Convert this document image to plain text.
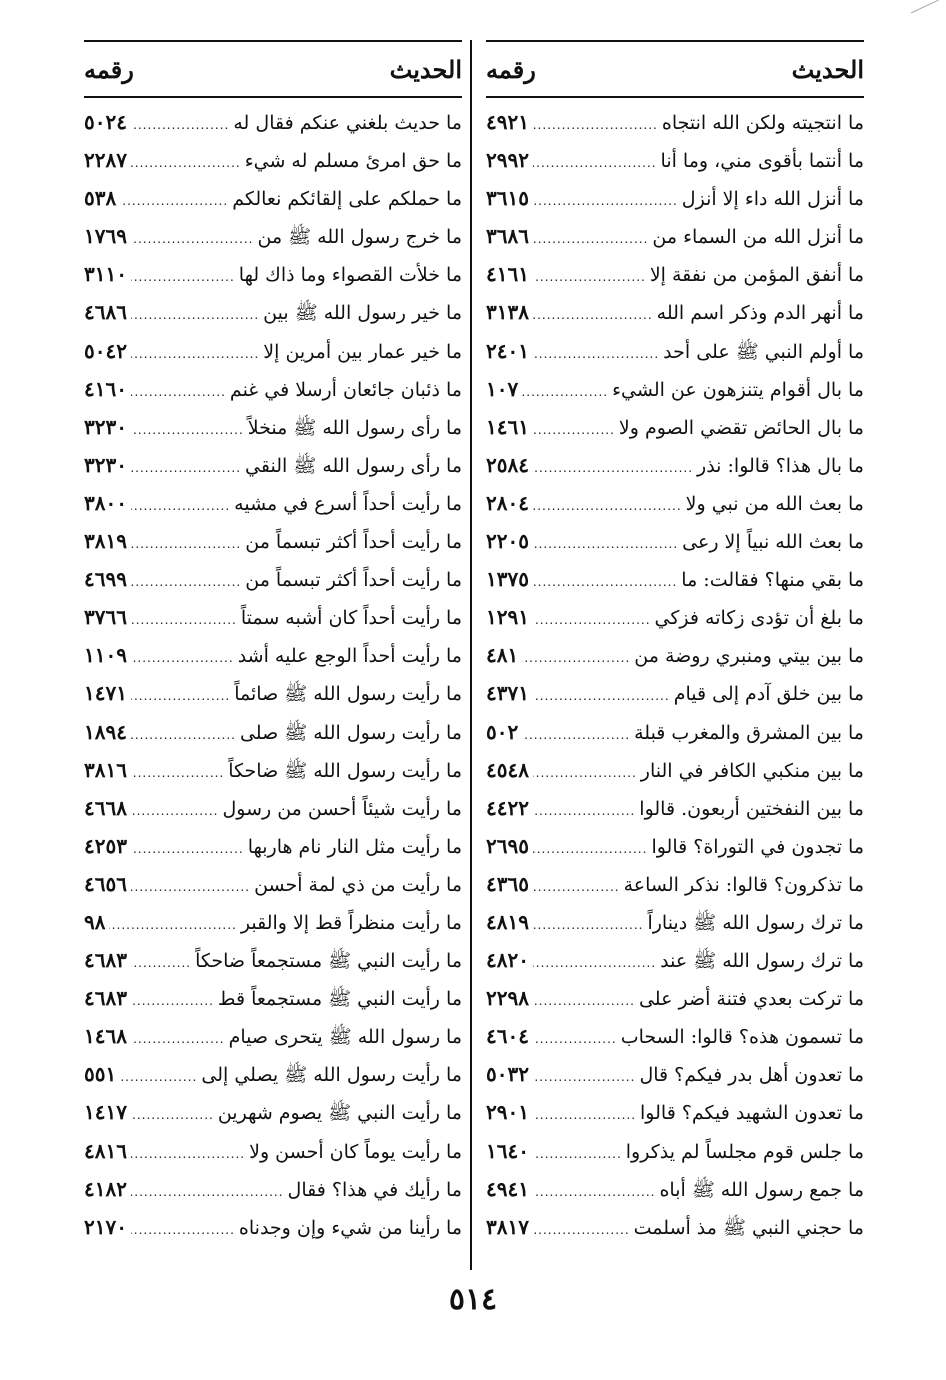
الحديث
رقمه
ما انتجيته ولكن الله انتجاه
.....
٤٩٢١
ما أنتما بأقوى مني، وما أنا
.....
٢٩٩٢
ما أنزل الله داء إلا أنزل
.....
٣٦١٥
ما أنزل الله من السماء من
.....
٣٦٨٦
ما أنفق المؤمن من نفقة إلا
.....
٤١٦١
ما أنهر الدم وذكر اسم الله
.....
٣١٣٨
ما أولم النبي ﷺ على أحد
.....
٢٤٠١
ما بال أقوام يتنزهون عن الشيء
.....
١٠٧
ما بال الحائض تقضي الصوم ولا
.....
١٤٦١
ما بال هذا؟ قالوا: نذر
.....
٢٥٨٤
ما بعث الله من نبي ولا
.....
٢٨٠٤
ما بعث الله نبياً إلا رعى
.....
٢٢٠٥
ما بقي منها؟ فقالت: ما
.....
١٣٧٥
ما بلغ أن تؤدى زكاته فزكي
.....
١٢٩١
ما بين بيتي ومنبري روضة من
.....
٤٨١
ما بين خلق آدم إلى قيام
.....
٤٣٧١
ما بين المشرق والمغرب قبلة
.....
٥٠٢
ما بين منكبي الكافر في النار
.....
٤٥٤٨
ما بين النفختين أربعون. قالوا
.....
٤٤٢٢
ما تجدون في التوراة؟ قالوا
.....
٢٦٩٥
ما تذكرون؟ قالوا: نذكر الساعة
.....
٤٣٦٥
ما ترك رسول الله ﷺ ديناراً
.....
٤٨١٩
ما ترك رسول الله ﷺ عند
.....
٤٨٢٠
ما تركت بعدي فتنة أضر على
.....
٢٢٩٨
ما تسمون هذه؟ قالوا: السحاب
.....
٤٦٠٤
ما تعدون أهل بدر فيكم؟ قال
.....
٥٠٣٢
ما تعدون الشهيد فيكم؟ قالوا
.....
٢٩٠١
ما جلس قوم مجلساً لم يذكروا
.....
١٦٤٠
ما جمع رسول الله ﷺ أباه
.....
٤٩٤١
ما حجني النبي ﷺ مذ أسلمت
.....
٣٨١٧
الحديث
رقمه
ما حديث بلغني عنكم فقال له
.....
٥٠٢٤
ما حق امرئ مسلم له شيء
.....
٢٢٨٧
ما حملكم على إلقائكم نعالكم
.....
٥٣٨
ما خرج رسول الله ﷺ من
.....
١٧٦٩
ما خلأت القصواء وما ذاك لها
.....
٣١١٠
ما خير رسول الله ﷺ بين
.....
٤٦٨٦
ما خير عمار بين أمرين إلا
.....
٥٠٤٢
ما ذئبان جائعان أرسلا في غنم
.....
٤١٦٠
ما رأى رسول الله ﷺ منخلاً
.....
٣٢٣٠
ما رأى رسول الله ﷺ النقي
.....
٣٢٣٠
ما رأيت أحداً أسرع في مشيه
.....
٣٨٠٠
ما رأيت أحداً أكثر تبسماً من
.....
٣٨١٩
ما رأيت أحداً أكثر تبسماً من
.....
٤٦٩٩
ما رأيت أحداً كان أشبه سمتاً
.....
٣٧٦٦
ما رأيت أحداً الوجع عليه أشد
.....
١١٠٩
ما رأيت رسول الله ﷺ صائماً
.....
١٤٧١
ما رأيت رسول الله ﷺ صلى
.....
١٨٩٤
ما رأيت رسول الله ﷺ ضاحكاً
.....
٣٨١٦
ما رأيت شيئاً أحسن من رسول
.....
٤٦٦٨
ما رأيت مثل النار نام هاربها
.....
٤٢٥٣
ما رأيت من ذي لمة أحسن
.....
٤٦٥٦
ما رأيت منظراً قط إلا والقبر
.....
٩٨
ما رأيت النبي ﷺ مستجمعاً ضاحكاً
.....
٤٦٨٣
ما رأيت النبي ﷺ مستجمعاً قط
.....
٤٦٨٣
ما رسول الله ﷺ يتحرى صيام
.....
١٤٦٨
ما رأيت رسول الله ﷺ يصلي إلى
.....
٥٥١
ما رأيت النبي ﷺ يصوم شهرين
.....
١٤١٧
ما رأيت يوماً كان أحسن ولا
.....
٤٨١٦
ما رأيك في هذا؟ فقال
.....
٤١٨٢
ما رأينا من شيء وإن وجدناه
.....
٢١٧٠
٥١٤
